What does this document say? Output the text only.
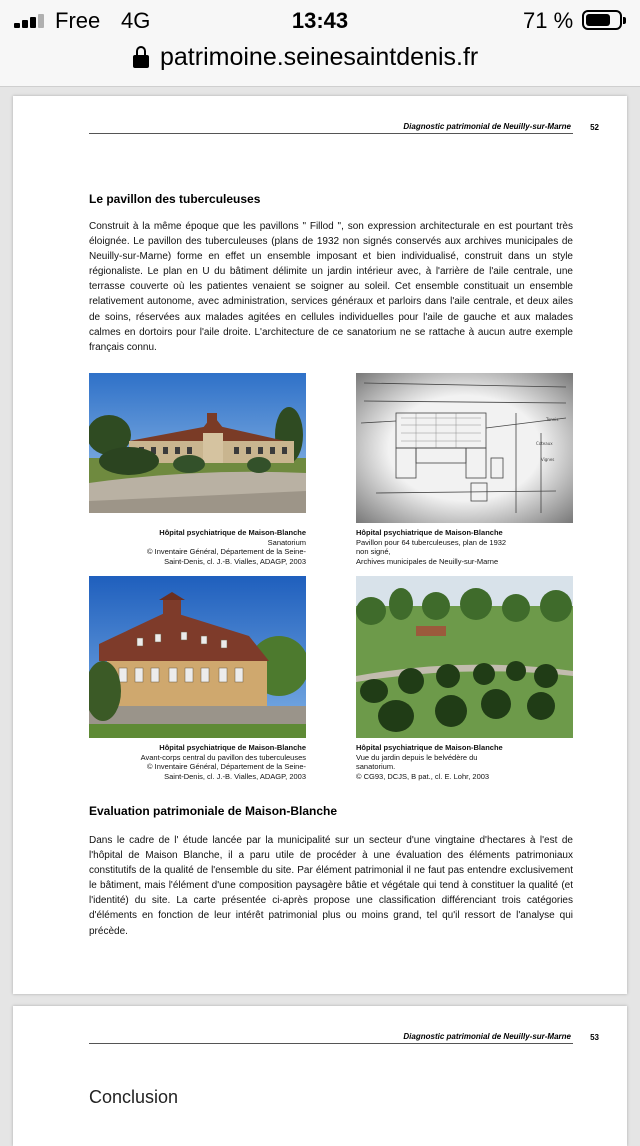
Free 4G	13:43	71 %
patrimoine.seinesaintdenis.fr
Diagnostic patrimonial de Neuilly-sur-Marne 52
Le pavillon des tuberculeuses
Construit à la même époque que les pavillons " Fillod ", son expression architecturale en est pourtant très éloignée. Le pavillon des tuberculeuses (plans de 1932 non signés conservés aux archives municipales de Neuilly-sur-Marne) forme en effet un ensemble imposant et bien individualisé, construit dans un style régionaliste. Le plan en U du bâtiment délimite un jardin intérieur avec, à l'arrière de l'aile centrale, une terrasse couverte où les patientes venaient se soigner au soleil. Cet ensemble constituait un ensemble relativement autonome, avec administration, services généraux et parloirs dans l'aile centrale, et deux ailes de soins, réservées aux malades agitées en cellules individuelles pour l'aile de gauche et aux malades calmes en dortoirs pour l'aile droite. L'architecture de ce sanatorium ne se rattache à aucun autre exemple français connu.
Hôpital psychiatrique de Maison-Blanche
Sanatorium
© Inventaire Général, Département de la Seine-
Saint-Denis, cl. J.-B. Vialles, ADAGP, 2003
Tennis
Coteaux
Vignes
Hôpital psychiatrique de Maison-Blanche
Pavillon pour 64 tuberculeuses, plan de 1932
non signé,
Archives municipales de Neuilly-sur-Marne
Hôpital psychiatrique de Maison-Blanche
Avant-corps central du pavillon des tuberculeuses
© Inventaire Général, Département de la Seine-
Saint-Denis, cl. J.-B. Vialles, ADAGP, 2003
Hôpital psychiatrique de Maison-Blanche
Vue du jardin depuis le belvédère du
sanatorium.
© CG93, DCJS, B pat., cl. E. Lohr, 2003
Evaluation patrimoniale de Maison-Blanche
Dans le cadre de l' étude lancée par la municipalité sur un secteur d'une vingtaine d'hectares à l'est de l'hôpital de Maison Blanche, il a paru utile de procéder à une évaluation des éléments patrimoniaux constitutifs de la qualité de l'ensemble du site. Par élément patrimonial il ne faut pas entendre exclusivement le bâtiment, mais l'élément d'une composition paysagère bâtie et végétale qui tend à constituer la qualité (et l'identité) du site. La carte présentée ci-après propose une classification différenciant trois catégories d'éléments en fonction de leur intérêt patrimonial plus ou moins grand, tel qu'il ressort de l'analyse qui précède.
Diagnostic patrimonial de Neuilly-sur-Marne 53
Conclusion
